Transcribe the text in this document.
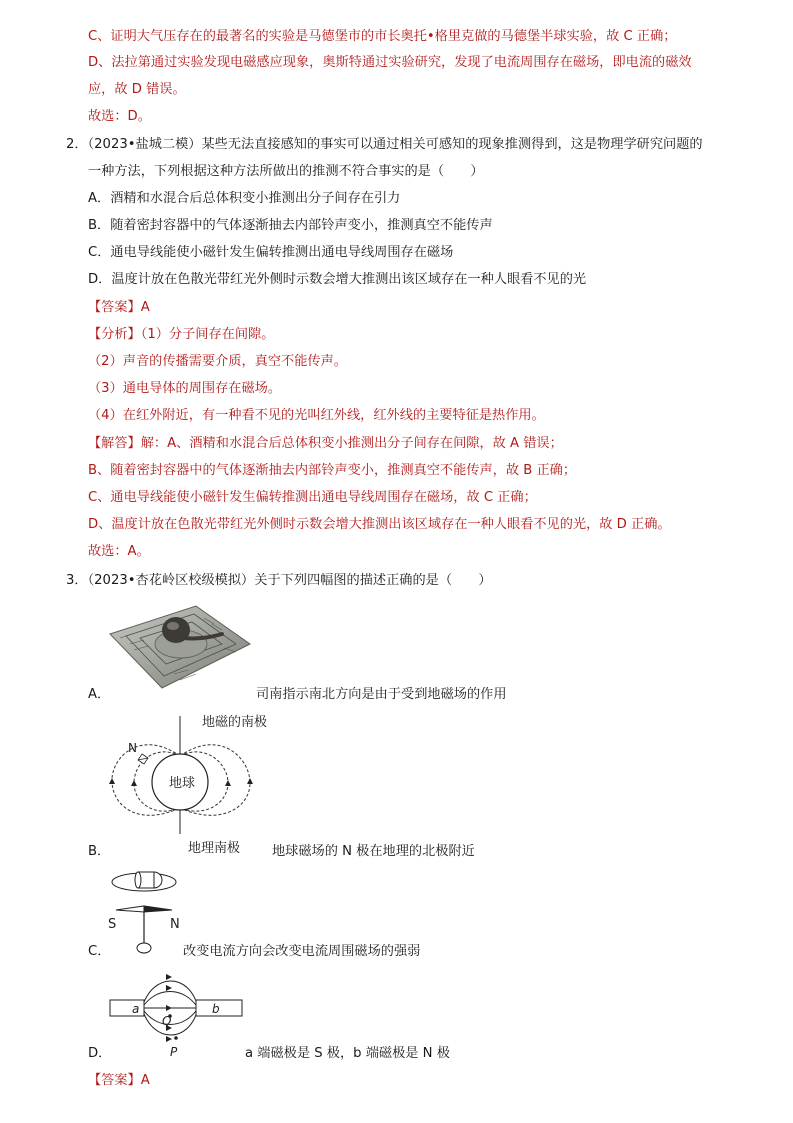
C、证明大气压存在的最著名的实验是马德堡市的市长奥托•格里克做的马德堡半球实验，故 C 正确；
D、法拉第通过实验发现电磁感应现象，奥斯特通过实验研究，发现了电流周围存在磁场，即电流的磁效
应，故 D 错误。
故选：D。
2．（2023•盐城二模）某些无法直接感知的事实可以通过相关可感知的现象推测得到，这是物理学研究问题的
一种方法，下列根据这种方法所做出的推测不符合事实的是（　　）
A．酒精和水混合后总体积变小推测出分子间存在引力
B．随着密封容器中的气体逐渐抽去内部铃声变小，推测真空不能传声
C．通电导线能使小磁针发生偏转推测出通电导线周围存在磁场
D．温度计放在色散光带红光外侧时示数会增大推测出该区域存在一种人眼看不见的光
【答案】A
【分析】（1）分子间存在间隙。
（2）声音的传播需要介质，真空不能传声。
（3）通电导体的周围存在磁场。
（4）在红外附近，有一种看不见的光叫红外线，红外线的主要特征是热作用。
【解答】解：A、酒精和水混合后总体积变小推测出分子间存在间隙，故 A 错误；
B、随着密封容器中的气体逐渐抽去内部铃声变小，推测真空不能传声，故 B 正确；
C、通电导线能使小磁针发生偏转推测出通电导线周围存在磁场，故 C 正确；
D、温度计放在色散光带红光外侧时示数会增大推测出该区域存在一种人眼看不见的光，故 D 正确。
故选：A。
3．（2023•杏花岭区校级模拟）关于下列四幅图的描述正确的是（　　）
A．	司南指示南北方向是由于受到地磁场的作用
N
地球
地磁的南极
地理南极
B．	地球磁场的 N 极在地理的北极附近
S	N
C．	改变电流方向会改变电流周围磁场的强弱
a	b
Q
P
D．	a 端磁极是 S 极，b 端磁极是 N 极
【答案】A
